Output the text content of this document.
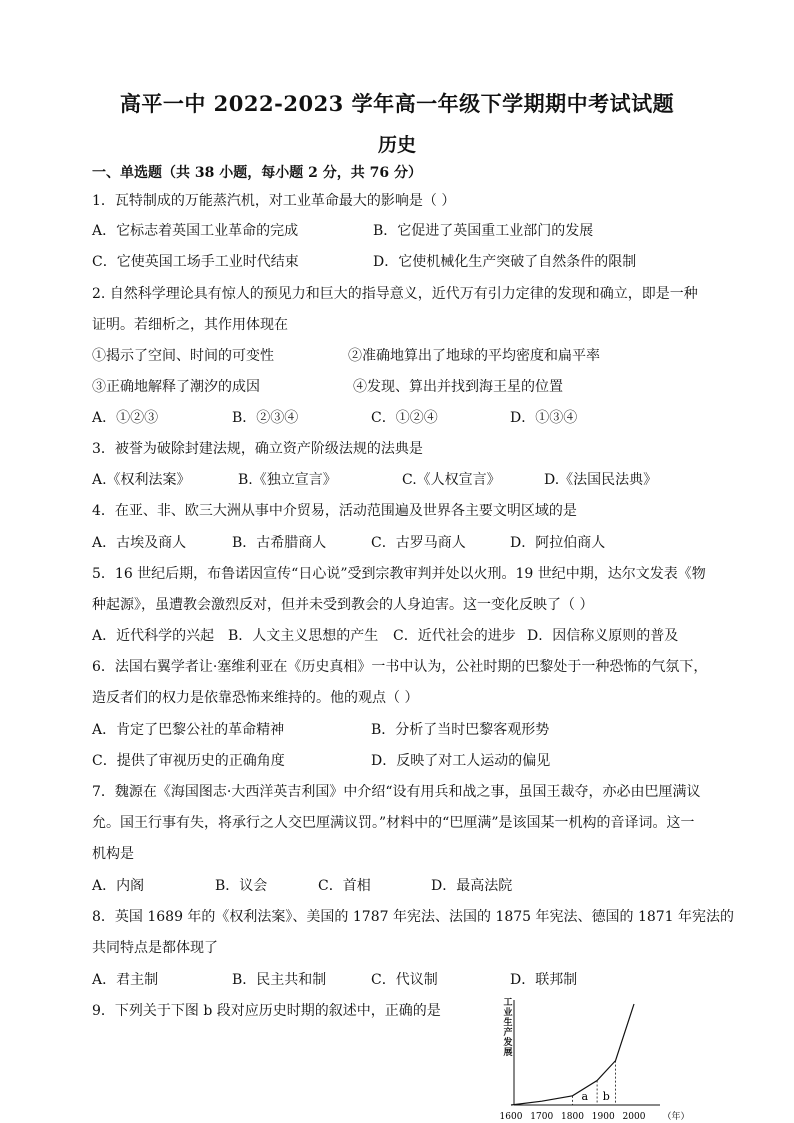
高平一中 2022-2023 学年高一年级下学期期中考试试题
历史
一、单选题（共 38 小题，每小题 2 分，共 76 分）
1．瓦特制成的万能蒸汽机，对工业革命最大的影响是（ ）
A．它标志着英国工业革命的完成	B．它促进了英国重工业部门的发展
C．它使英国工场手工业时代结束	D．它使机械化生产突破了自然条件的限制
2. 自然科学理论具有惊人的预见力和巨大的指导意义，近代万有引力定律的发现和确立，即是一种
证明。若细析之，其作用体现在
①揭示了空间、时间的可变性	②准确地算出了地球的平均密度和扁平率
③正确地解释了潮汐的成因	④发现、算出并找到海王星的位置
A．①②③	B．②③④	C．①②④	D．①③④
3．被誉为破除封建法规，确立资产阶级法规的法典是
A.《权利法案》	B.《独立宣言》	C.《人权宣言》	D.《法国民法典》
4．在亚、非、欧三大洲从事中介贸易，活动范围遍及世界各主要文明区域的是
A．古埃及商人	B．古希腊商人	C．古罗马商人	D．阿拉伯商人
5．16 世纪后期，布鲁诺因宣传“日心说”受到宗教审判并处以火刑。19 世纪中期，达尔文发表《物
种起源》，虽遭教会激烈反对，但并未受到教会的人身迫害。这一变化反映了（ ）
A．近代科学的兴起 B．人文主义思想的产生 C．近代社会的进步 D．因信称义原则的普及
6．法国右翼学者让·塞维利亚在《历史真相》一书中认为，公社时期的巴黎处于一种恐怖的气氛下，
造反者们的权力是依靠恐怖来维持的。他的观点（ ）
A．肯定了巴黎公社的革命精神	B．分析了当时巴黎客观形势
C．提供了审视历史的正确角度	D．反映了对工人运动的偏见
7．魏源在《海国图志·大西洋英吉利国》中介绍“设有用兵和战之事，虽国王裁夺，亦必由巴厘满议
允。国王行事有失，将承行之人交巴厘满议罚。”材料中的“巴厘满”是该国某一机构的音译词。这一
机构是
A．内阁	B．议会	C．首相	D．最高法院
8．英国 1689 年的《权利法案》、美国的 1787 年宪法、法国的 1875 年宪法、德国的 1871 年宪法的
共同特点是都体现了
A．君主制	B．民主共和制	C．代议制	D．联邦制
9．下列关于下图 b 段对应历史时期的叙述中，正确的是	工业生产发展
a b
1600 1700 1800 1900 2000 （年）
